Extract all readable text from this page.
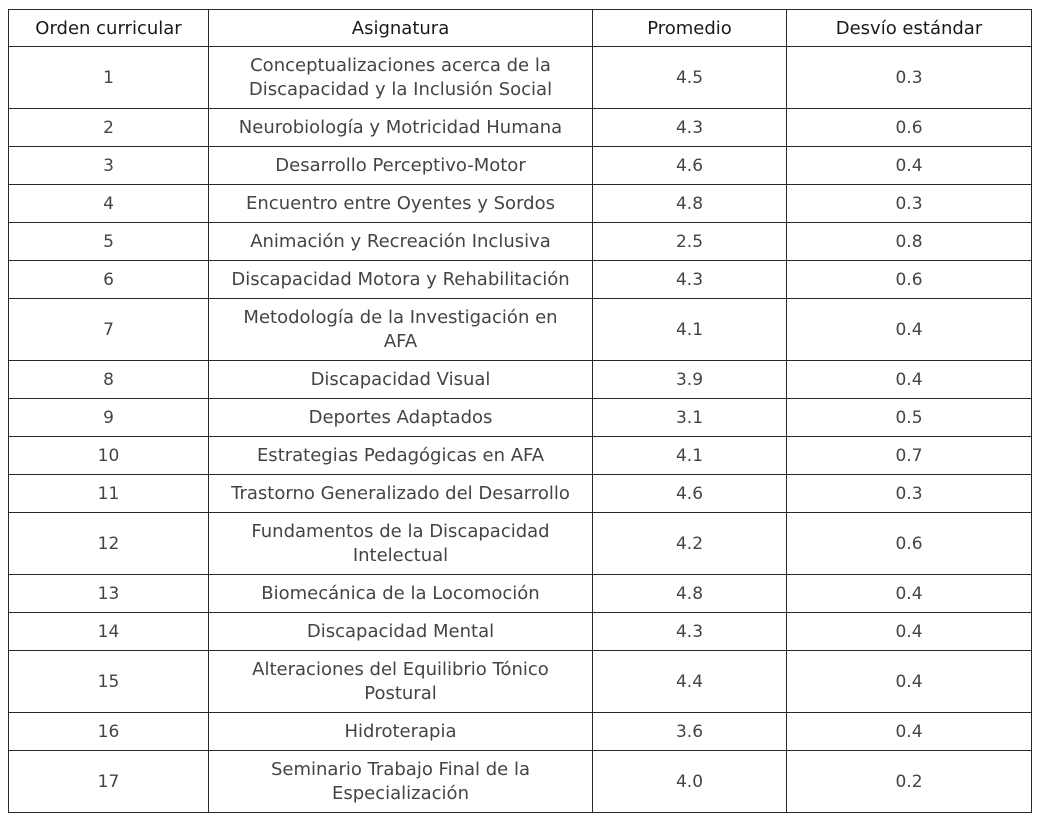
Orden curricular	Asignatura	Promedio	Desvío estándar
1	Conceptualizaciones acerca de la
Discapacidad y la Inclusión Social	4.5	0.3
2	Neurobiología y Motricidad Humana	4.3	0.6
3	Desarrollo Perceptivo-Motor	4.6	0.4
4	Encuentro entre Oyentes y Sordos	4.8	0.3
5	Animación y Recreación Inclusiva	2.5	0.8
6	Discapacidad Motora y Rehabilitación	4.3	0.6
7	Metodología de la Investigación en
AFA	4.1	0.4
8	Discapacidad Visual	3.9	0.4
9	Deportes Adaptados	3.1	0.5
10	Estrategias Pedagógicas en AFA	4.1	0.7
11	Trastorno Generalizado del Desarrollo	4.6	0.3
12	Fundamentos de la Discapacidad
Intelectual	4.2	0.6
13	Biomecánica de la Locomoción	4.8	0.4
14	Discapacidad Mental	4.3	0.4
15	Alteraciones del Equilibrio Tónico
Postural	4.4	0.4
16	Hidroterapia	3.6	0.4
17	Seminario Trabajo Final de la
Especialización	4.0	0.2
